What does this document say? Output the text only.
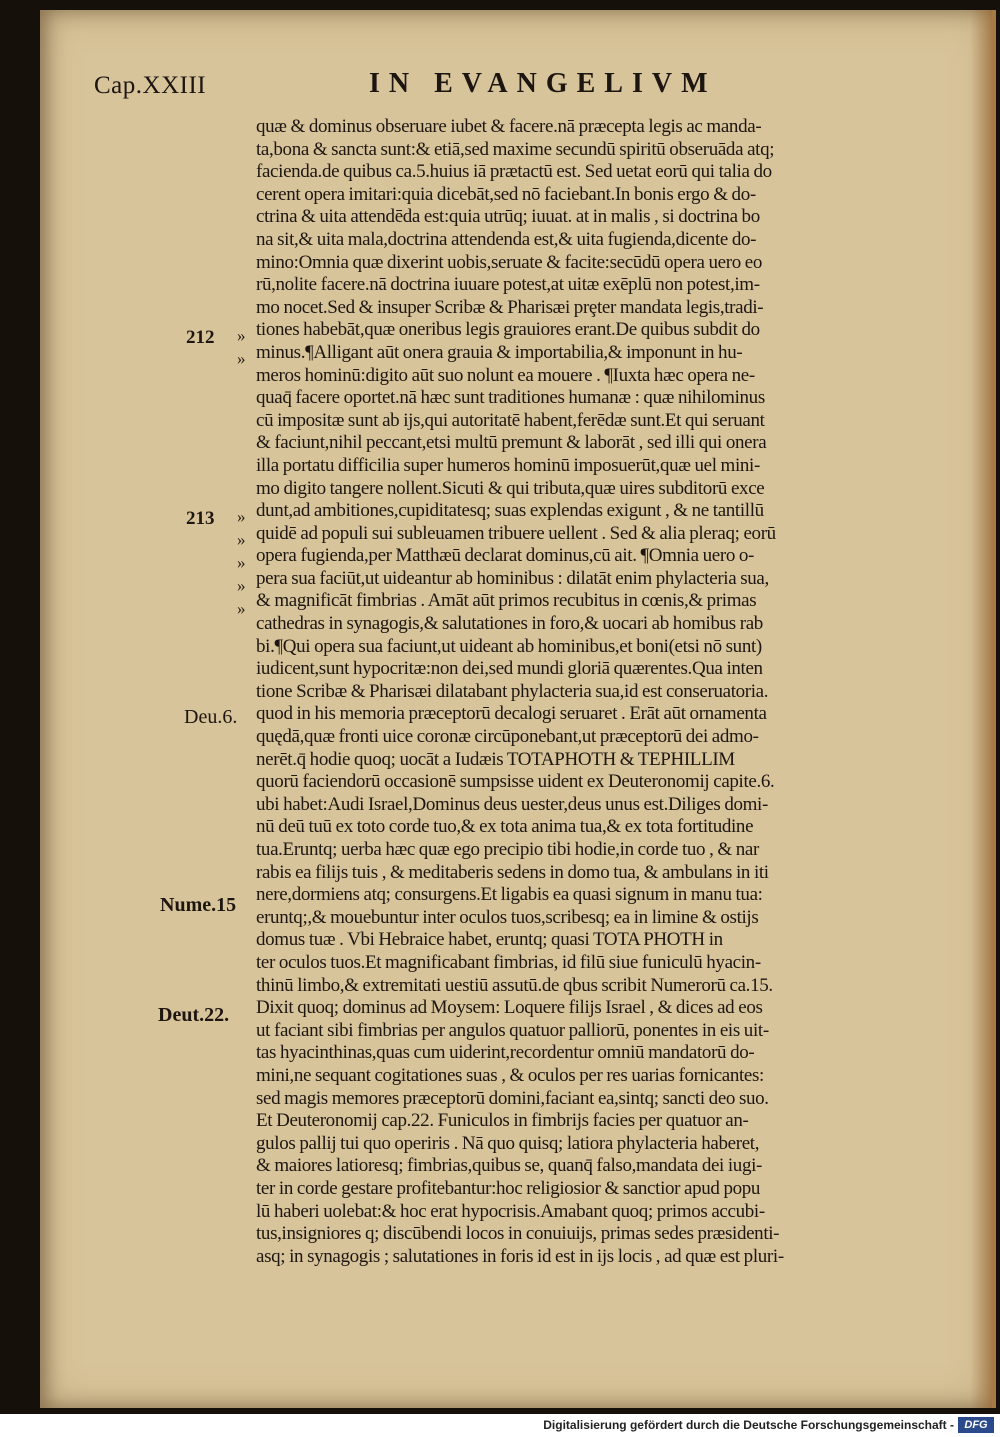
Cap.XXIII	IN EVANGELIVM
212
213
Deu.6.
Nume.15
Deut.22.
»
»
»
»
»
»
»
quæ & dominus obseruare iubet & facere.nā præcepta legis ac manda-
ta,bona & sancta sunt:& etiā,sed maxime secundū spiritū obseruāda atq;
facienda.de quibus ca.5.huius iā prætactū est. Sed uetat eorū qui talia do
cerent opera imitari:quia dicebāt,sed nō faciebant.In bonis ergo & do-
ctrina & uita attendēda est:quia utrūq; iuuat. at in malis , si doctrina bo
na sit,& uita mala,doctrina attendenda est,& uita fugienda,dicente do-
mino:Omnia quæ dixerint uobis,seruate & facite:secūdū opera uero eo
rū,nolite facere.nā doctrina iuuare potest,at uitæ exēplū non potest,im-
mo nocet.Sed & insuper Scribæ & Pharisæi prȩter mandata legis,tradi-
tiones habebāt,quæ oneribus legis grauiores erant.De quibus subdit do
minus.¶Alligant aūt onera grauia & importabilia,& imponunt in hu-
meros hominū:digito aūt suo nolunt ea mouere . ¶Iuxta hæc opera ne-
quaq̄ facere oportet.nā hæc sunt traditiones humanæ : quæ nihilominus
cū impositæ sunt ab ijs,qui autoritatē habent,ferēdæ sunt.Et qui seruant
& faciunt,nihil peccant,etsi multū premunt & laborāt , sed illi qui onera
illa portatu difficilia super humeros hominū imposuerūt,quæ uel mini-
mo digito tangere nollent.Sicuti & qui tributa,quæ uires subditorū exce
dunt,ad ambitiones,cupiditatesq; suas explendas exigunt , & ne tantillū
quidē ad populi sui subleuamen tribuere uellent . Sed & alia pleraq; eorū
opera fugienda,per Matthæū declarat dominus,cū ait. ¶Omnia uero o-
pera sua faciūt,ut uideantur ab hominibus : dilatāt enim phylacteria sua,
& magnificāt fimbrias . Amāt aūt primos recubitus in cœnis,& primas
cathedras in synagogis,& salutationes in foro,& uocari ab homibus rab
bi.¶Qui opera sua faciunt,ut uideant ab hominibus,et boni(etsi nō sunt)
iudicent,sunt hypocritæ:non dei,sed mundi gloriā quærentes.Qua inten
tione Scribæ & Pharisæi dilatabant phylacteria sua,id est conseruatoria.
quod in his memoria præceptorū decalogi seruaret . Erāt aūt ornamenta
quędā,quæ fronti uice coronæ circūponebant,ut præceptorū dei admo-
nerēt.q̄ hodie quoq; uocāt a Iudæis TOTAPHOTH & TEPHILLIM
quorū faciendorū occasionē sumpsisse uident ex Deuteronomij capite.6.
ubi habet:Audi Israel,Dominus deus uester,deus unus est.Diliges domi-
nū deū tuū ex toto corde tuo,& ex tota anima tua,& ex tota fortitudine
tua.Eruntq; uerba hæc quæ ego precipio tibi hodie,in corde tuo , & nar
rabis ea filijs tuis , & meditaberis sedens in domo tua, & ambulans in iti
nere,dormiens atq; consurgens.Et ligabis ea quasi signum in manu tua:
eruntq;,& mouebuntur inter oculos tuos,scribesq; ea in limine & ostijs
domus tuæ . Vbi Hebraice habet, eruntq; quasi TOTA PHOTH in
ter oculos tuos.Et magnificabant fimbrias, id filū siue funiculū hyacin-
thinū limbo,& extremitati uestiū assutū.de qbus scribit Numerorū ca.15.
Dixit quoq; dominus ad Moysem: Loquere filijs Israel , & dices ad eos
ut faciant sibi fimbrias per angulos quatuor palliorū, ponentes in eis uit-
tas hyacinthinas,quas cum uiderint,recordentur omniū mandatorū do-
mini,ne sequant cogitationes suas , & oculos per res uarias fornicantes:
sed magis memores præceptorū domini,faciant ea,sintq; sancti deo suo.
Et Deuteronomij cap.22. Funiculos in fimbrijs facies per quatuor an-
gulos pallij tui quo operiris . Nā quo quisq; latiora phylacteria haberet,
& maiores latioresq; fimbrias,quibus se, quanq̄ falso,mandata dei iugi-
ter in corde gestare profitebantur:hoc religiosior & sanctior apud popu
lū haberi uolebat:& hoc erat hypocrisis.Amabant quoq; primos accubi-
tus,insigniores q; discūbendi locos in conuiuijs, primas sedes præsidenti-
asq; in synagogis ; salutationes in foris id est in ijs locis , ad quæ est pluri-
Digitalisierung gefördert durch die Deutsche Forschungsgemeinschaft - DFG
